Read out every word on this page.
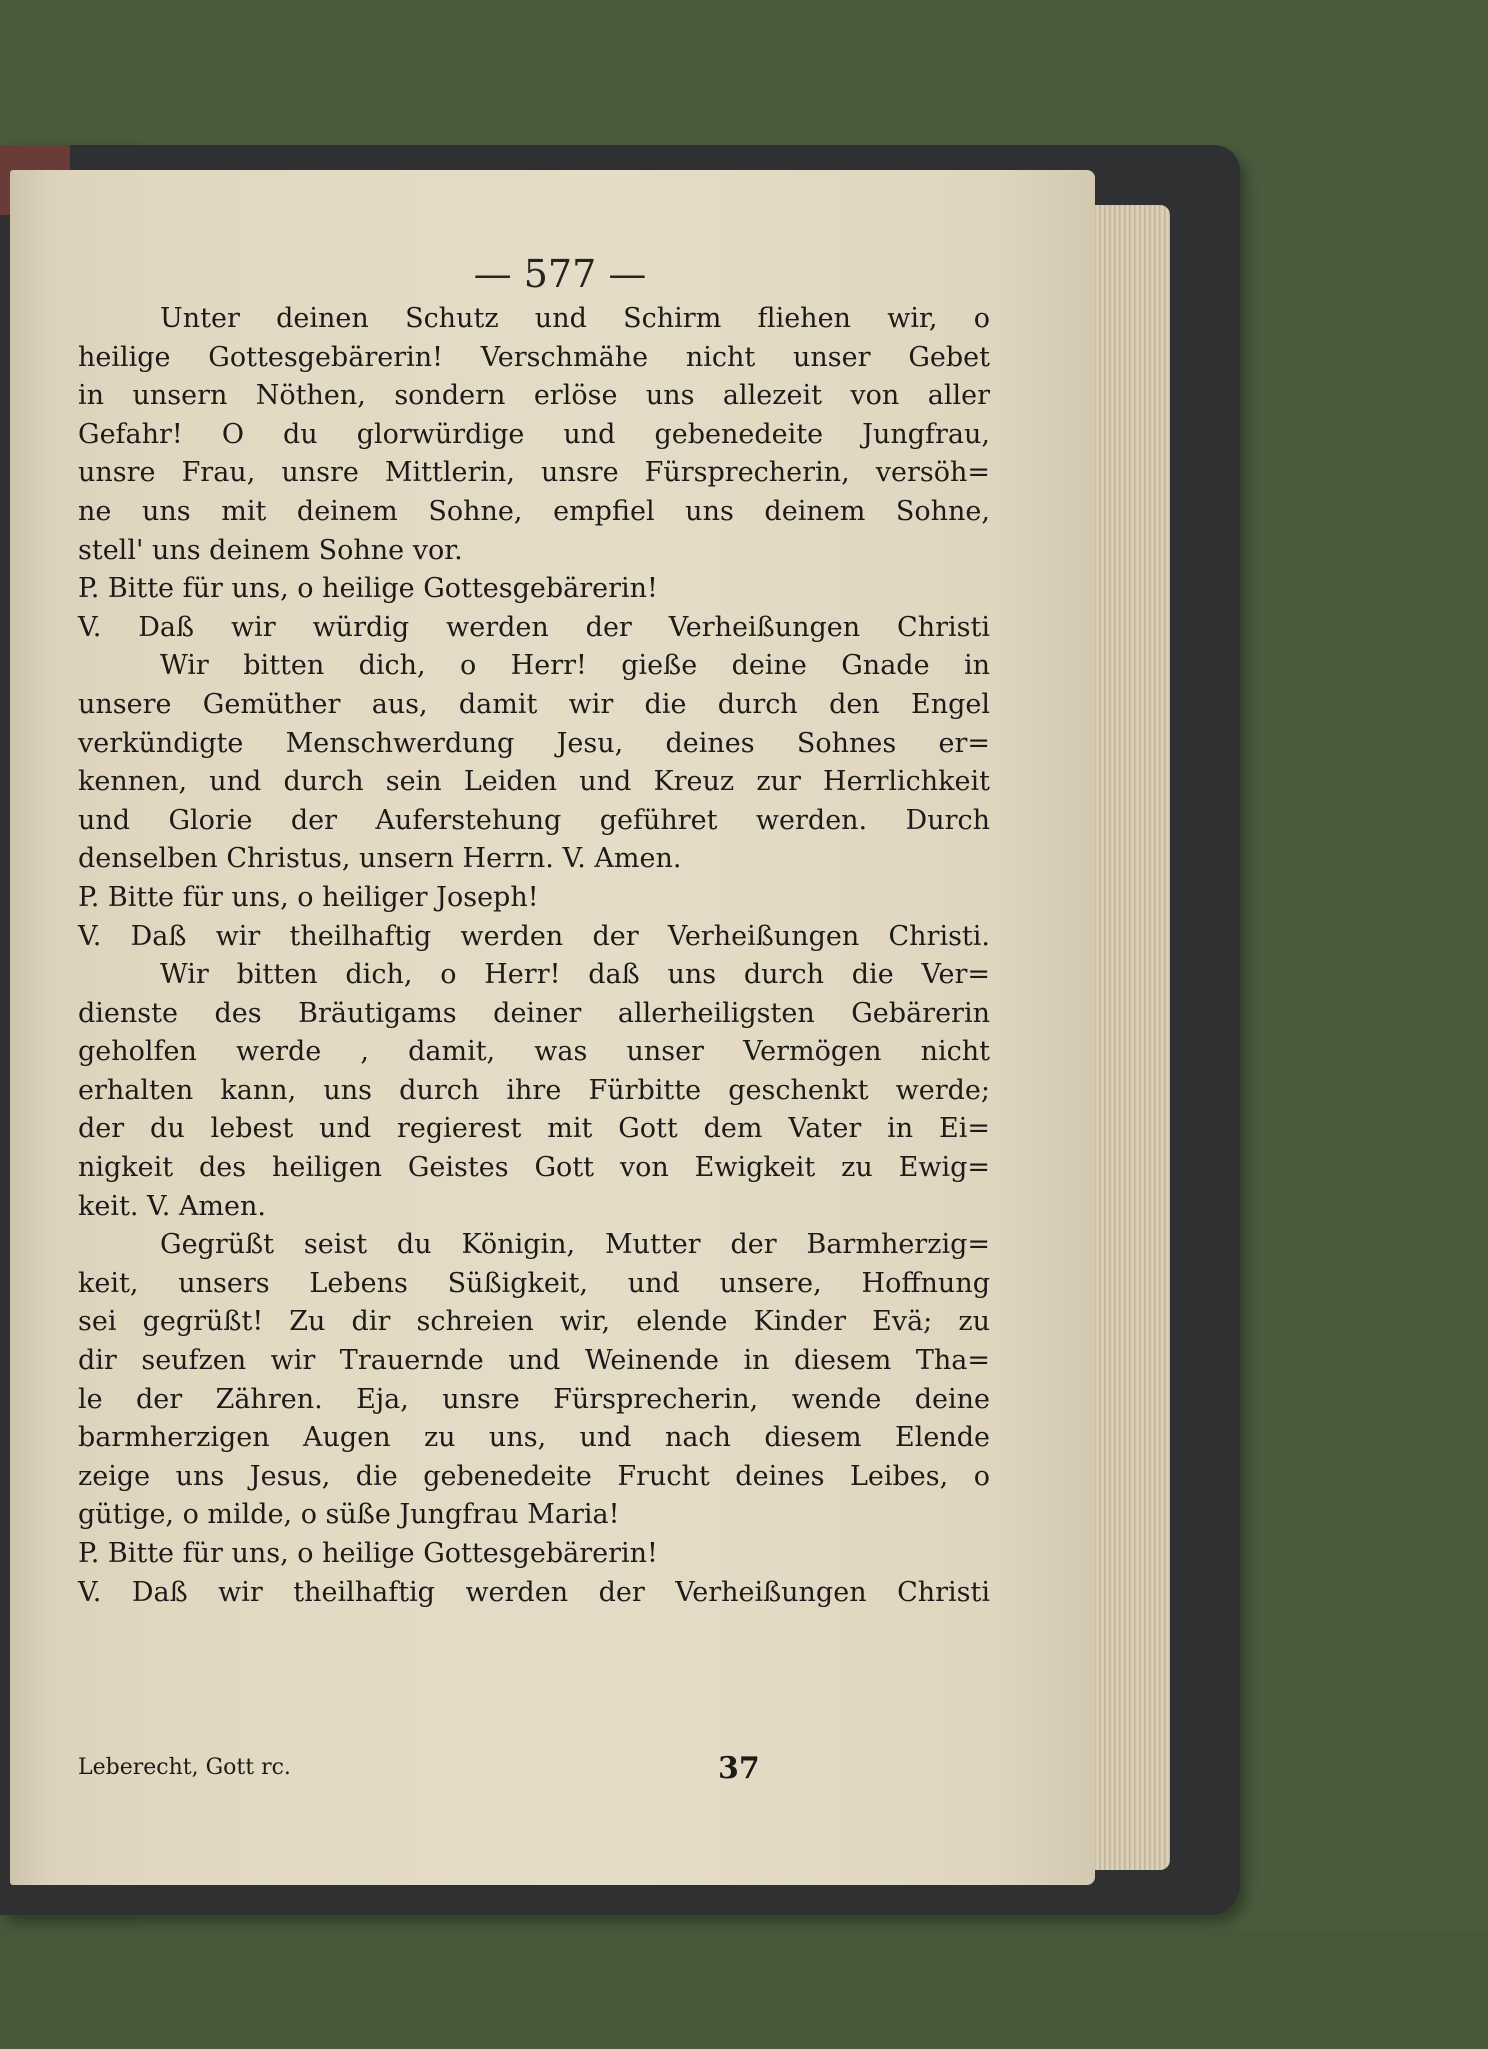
— 577 —
Unter deinen Schutz und Schirm fliehen wir, o
heilige Gottesgebärerin! Verschmähe nicht unser Gebet
in unsern Nöthen, sondern erlöse uns allezeit von aller
Gefahr! O du glorwürdige und gebenedeite Jungfrau,
unsre Frau, unsre Mittlerin, unsre Fürsprecherin, versöh=
ne uns mit deinem Sohne, empfiel uns deinem Sohne,
stell' uns deinem Sohne vor.
P. Bitte für uns, o heilige Gottesgebärerin!
V. Daß wir würdig werden der Verheißungen Christi
Wir bitten dich, o Herr! gieße deine Gnade in
unsere Gemüther aus, damit wir die durch den Engel
verkündigte Menschwerdung Jesu, deines Sohnes er=
kennen, und durch sein Leiden und Kreuz zur Herrlichkeit
und Glorie der Auferstehung geführet werden. Durch
denselben Christus, unsern Herrn. V. Amen.
P. Bitte für uns, o heiliger Joseph!
V. Daß wir theilhaftig werden der Verheißungen Christi.
Wir bitten dich, o Herr! daß uns durch die Ver=
dienste des Bräutigams deiner allerheiligsten Gebärerin
geholfen werde , damit, was unser Vermögen nicht
erhalten kann, uns durch ihre Fürbitte geschenkt werde;
der du lebest und regierest mit Gott dem Vater in Ei=
nigkeit des heiligen Geistes Gott von Ewigkeit zu Ewig=
keit. V. Amen.
Gegrüßt seist du Königin, Mutter der Barmherzig=
keit, unsers Lebens Süßigkeit, und unsere, Hoffnung
sei gegrüßt! Zu dir schreien wir, elende Kinder Evä; zu
dir seufzen wir Trauernde und Weinende in diesem Tha=
le der Zähren. Eja, unsre Fürsprecherin, wende deine
barmherzigen Augen zu uns, und nach diesem Elende
zeige uns Jesus, die gebenedeite Frucht deines Leibes, o
gütige, o milde, o süße Jungfrau Maria!
P. Bitte für uns, o heilige Gottesgebärerin!
V. Daß wir theilhaftig werden der Verheißungen Christi
Leberecht, Gott rc.	37
